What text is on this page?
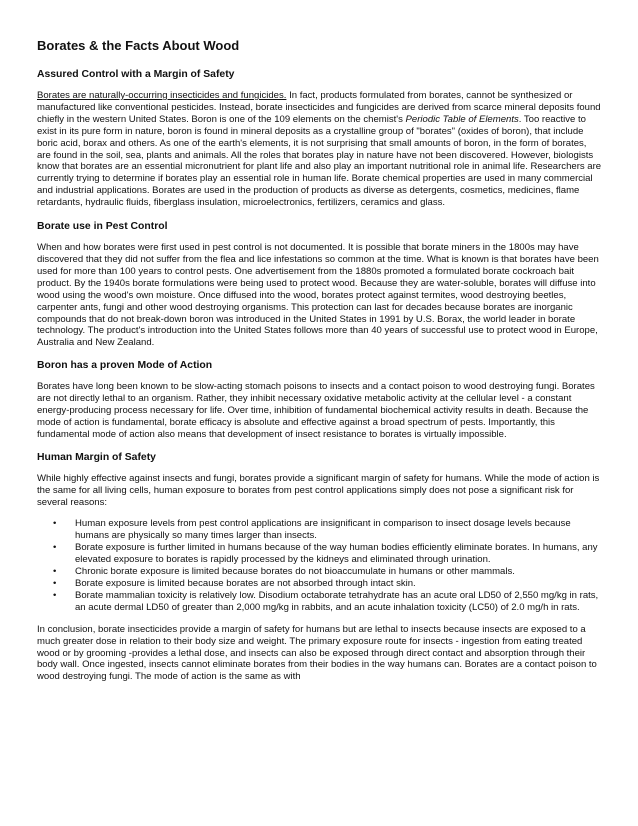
Borates & the Facts About Wood
Assured Control with a Margin of Safety

Borates are naturally-occurring insecticides and fungicides. In fact, products formulated from borates, cannot be synthesized or manufactured like conventional pesticides. Instead, borate insecticides and fungicides are derived from scarce mineral deposits found chiefly in the western United States. Boron is one of the 109 elements on the chemist's Periodic Table of Elements. Too reactive to exist in its pure form in nature, boron is found in mineral deposits as a crystalline group of "borates" (oxides of boron), that include boric acid, borax and others. As one of the earth's elements, it is not surprising that small amounts of boron, in the form of borates, are found in the soil, sea, plants and animals. All the roles that borates play in nature have not been discovered. However, biologists know that borates are an essential micronutrient for plant life and also play an important nutritional role in animal life. Researchers are currently trying to determine if borates play an essential role in human life. Borate chemical properties are used in many commercial and industrial applications. Borates are used in the production of products as diverse as detergents, cosmetics, medicines, flame retardants, hydraulic fluids, fiberglass insulation, microelectronics, fertilizers, ceramics and glass.

Borate use in Pest Control

When and how borates were first used in pest control is not documented. It is possible that borate miners in the 1800s may have discovered that they did not suffer from the flea and lice infestations so common at the time. What is known is that borates have been used for more than 100 years to control pests. One advertisement from the 1880s promoted a formulated borate cockroach bait product. By the 1940s borate formulations were being used to protect wood. Because they are water-soluble, borates will diffuse into wood using the wood's own moisture. Once diffused into the wood, borates protect against termites, wood destroying beetles, carpenter ants, fungi and other wood destroying organisms. This protection can last for decades because borates are inorganic compounds that do not break-down boron was introduced in the United States in 1991 by U.S. Borax, the world leader in borate technology. The product's introduction into the United States follows more than 40 years of successful use to protect wood in Europe, Australia and New Zealand.

Boron has a proven Mode of Action

Borates have long been known to be slow-acting stomach poisons to insects and a contact poison to wood destroying fungi. Borates are not directly lethal to an organism. Rather, they inhibit necessary oxidative metabolic activity at the cellular level - a constant energy-producing process necessary for life. Over time, inhibition of fundamental biochemical activity results in death. Because the mode of action is fundamental, borate efficacy is absolute and effective against a broad spectrum of pests. Importantly, this fundamental mode of action also means that development of insect resistance to borates is virtually impossible.

Human Margin of Safety

While highly effective against insects and fungi, borates provide a significant margin of safety for humans. While the mode of action is the same for all living cells, human exposure to borates from pest control applications simply does not pose a significant risk for several reasons:

• Human exposure levels from pest control applications are insignificant in comparison to insect dosage levels because humans are physically so many times larger than insects.
• Borate exposure is further limited in humans because of the way human bodies efficiently eliminate borates. In humans, any elevated exposure to borates is rapidly processed by the kidneys and eliminated through urination.
• Chronic borate exposure is limited because borates do not bioaccumulate in humans or other mammals.
• Borate exposure is limited because borates are not absorbed through intact skin.
• Borate mammalian toxicity is relatively low. Disodium octaborate tetrahydrate has an acute oral LD50 of 2,550 mg/kg in rats, an acute dermal LD50 of greater than 2,000 mg/kg in rabbits, and an acute inhalation toxicity (LC50) of 2.0 mg/h in rats.

In conclusion, borate insecticides provide a margin of safety for humans but are lethal to insects because insects are exposed to a much greater dose in relation to their body size and weight. The primary exposure route for insects - ingestion from eating treated wood or by grooming -provides a lethal dose, and insects can also be exposed through direct contact and absorption through their body wall. Once ingested, insects cannot eliminate borates from their bodies in the way humans can. Borates are a contact poison to wood destroying fungi. The mode of action is the same as with
